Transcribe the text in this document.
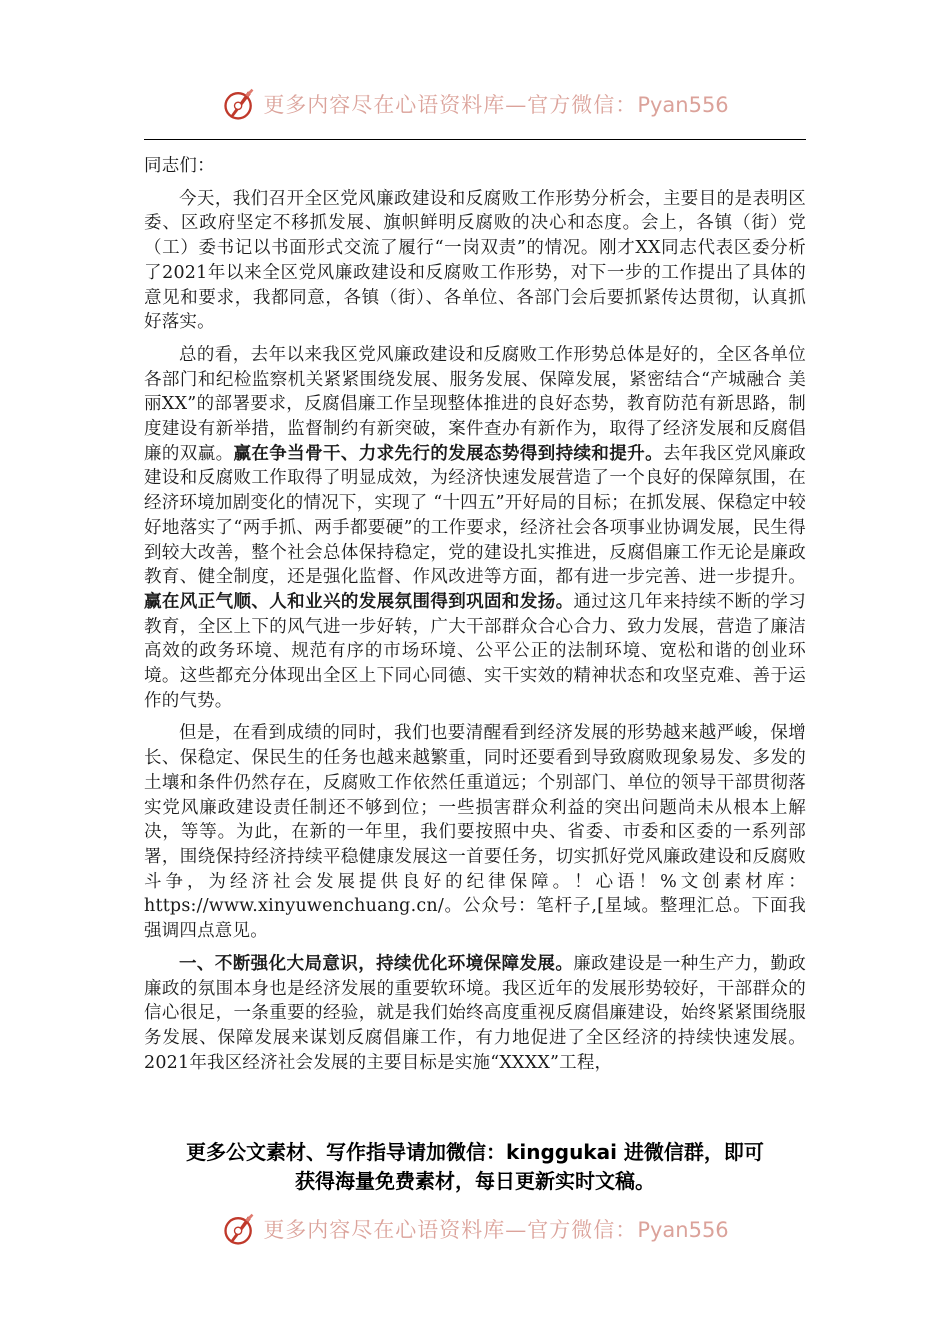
更多内容尽在心语资料库—官方微信：Pyan556

同志们：

今天，我们召开全区党风廉政建设和反腐败工作形势分析会，主要目的是表明区委、区政府坚定不移抓发展、旗帜鲜明反腐败的决心和态度。会上，各镇（街）党（工）委书记以书面形式交流了履行“一岗双责”的情况。刚才XX同志代表区委分析了2021年以来全区党风廉政建设和反腐败工作形势，对下一步的工作提出了具体的意见和要求，我都同意，各镇（街）、各单位、各部门会后要抓紧传达贯彻，认真抓好落实。

总的看，去年以来我区党风廉政建设和反腐败工作形势总体是好的，全区各单位各部门和纪检监察机关紧紧围绕发展、服务发展、保障发展，紧密结合“产城融合 美丽XX”的部署要求，反腐倡廉工作呈现整体推进的良好态势，教育防范有新思路，制度建设有新举措，监督制约有新突破，案件查办有新作为，取得了经济发展和反腐倡廉的双赢。赢在争当骨干、力求先行的发展态势得到持续和提升。去年我区党风廉政建设和反腐败工作取得了明显成效，为经济快速发展营造了一个良好的保障氛围，在经济环境加剧变化的情况下，实现了 “十四五”开好局的目标；在抓发展、保稳定中较好地落实了“两手抓、两手都要硬”的工作要求，经济社会各项事业协调发展，民生得到较大改善，整个社会总体保持稳定，党的建设扎实推进，反腐倡廉工作无论是廉政教育、健全制度，还是强化监督、作风改进等方面，都有进一步完善、进一步提升。赢在风正气顺、人和业兴的发展氛围得到巩固和发扬。通过这几年来持续不断的学习教育，全区上下的风气进一步好转，广大干部群众合心合力、致力发展，营造了廉洁高效的政务环境、规范有序的市场环境、公平公正的法制环境、宽松和谐的创业环境。这些都充分体现出全区上下同心同德、实干实效的精神状态和攻坚克难、善于运作的气势。

但是，在看到成绩的同时，我们也要清醒看到经济发展的形势越来越严峻，保增长、保稳定、保民生的任务也越来越繁重，同时还要看到导致腐败现象易发、多发的土壤和条件仍然存在，反腐败工作依然任重道远；个别部门、单位的领导干部贯彻落实党风廉政建设责任制还不够到位；一些损害群众利益的突出问题尚未从根本上解决，等等。为此，在新的一年里，我们要按照中央、省委、市委和区委的一系列部署，围绕保持经济持续平稳健康发展这一首要任务，切实抓好党风廉政建设和反腐败斗争，为经济社会发展提供良好的纪律保障。！心语！%文创素材库：https://www.xinyuwenchuang.cn/。公众号：笔杆子,[星域。整理汇总。下面我强调四点意见。

一、不断强化大局意识，持续优化环境保障发展。廉政建设是一种生产力，勤政廉政的氛围本身也是经济发展的重要软环境。我区近年的发展形势较好，干部群众的信心很足，一条重要的经验，就是我们始终高度重视反腐倡廉建设，始终紧紧围绕服务发展、保障发展来谋划反腐倡廉工作，有力地促进了全区经济的持续快速发展。2021年我区经济社会发展的主要目标是实施“XXXX”工程，

更多公文素材、写作指导请加微信：kinggukai 进微信群，即可
获得海量免费素材，每日更新实时文稿。
更多内容尽在心语资料库—官方微信：Pyan556
